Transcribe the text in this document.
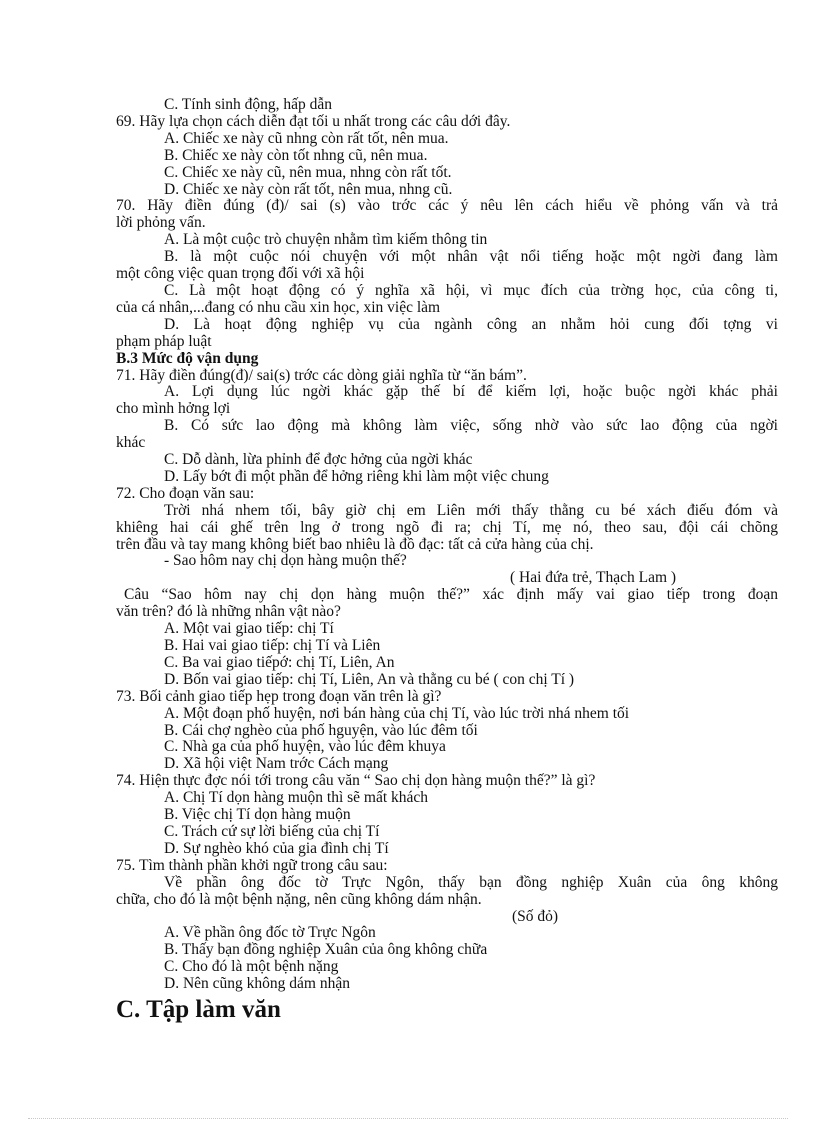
C. Tính sinh động, hấp dẫn
69. Hãy lựa chọn cách diễn đạt tối u nhất trong các câu dới đây.
A. Chiếc xe này cũ nhng còn rất tốt, nên mua.
B. Chiếc xe này còn tốt nhng cũ, nên mua.
C. Chiếc xe này cũ, nên mua, nhng còn rất tốt.
D. Chiếc xe này còn rất tốt, nên mua, nhng cũ.
70. Hãy điền đúng (đ)/ sai (s) vào trớc các ý nêu lên cách hiểu về phỏng vấn và trả
lời phỏng vấn.
A. Là một cuộc trò chuyện nhằm tìm kiếm thông tin
B. là một cuộc nói chuyện với một nhân vật nổi tiếng hoặc một ngời đang làm
một công việc quan trọng đối với xã hội
C. Là một hoạt động có ý nghĩa xã hội, vì mục đích của trờng học, của công ti,
của cá nhân,...đang có nhu cầu xin học, xin việc làm
D. Là hoạt động nghiệp vụ của ngành công an nhằm hỏi cung đối tợng vi
phạm pháp luật
B.3 Mức độ vận dụng
71. Hãy điền đúng(đ)/ sai(s) trớc các dòng giải nghĩa từ “ăn bám”.
A. Lợi dụng lúc ngời khác gặp thế bí để kiếm lợi, hoặc buộc ngời khác phải
cho mình hởng lợi
B. Có sức lao động mà không làm việc, sống nhờ vào sức lao động của ngời
khác
C. Dỗ dành, lừa phỉnh để đợc hởng của ngời khác
D. Lấy bớt đi một phần để hởng riêng khi làm một việc chung
72. Cho đoạn văn sau:
Trời nhá nhem tối, bây giờ chị em Liên mới thấy thằng cu bé xách điếu đóm và
khiêng hai cái ghế trên lng ở trong ngõ đi ra; chị Tí, mẹ nó, theo sau, đội cái chõng
trên đầu và tay mang không biết bao nhiêu là đồ đạc: tất cả cửa hàng của chị.
- Sao hôm nay chị dọn hàng muộn thế?
( Hai đứa trẻ, Thạch Lam )
Câu “Sao hôm nay chị dọn hàng muộn thế?” xác định mấy vai giao tiếp trong đoạn
văn trên? đó là những nhân vật nào?
A. Một vai giao tiếp: chị Tí
B. Hai vai giao tiếp: chị Tí và Liên
C. Ba vai giao tiếpớ: chị Tí, Liên, An
D. Bốn vai giao tiếp: chị Tí, Liên, An và thằng cu bé ( con chị Tí )
73. Bối cảnh giao tiếp hẹp trong đoạn văn trên là gì?
A. Một đoạn phố huyện, nơi bán hàng của chị Tí, vào lúc trời nhá nhem tối
B. Cái chợ nghèo của phố hguyện, vào lúc đêm tối
C. Nhà ga của phố huyện, vào lúc đêm khuya
D. Xã hội việt Nam trớc Cách mạng
74. Hiện thực đợc nói tới trong câu văn “ Sao chị dọn hàng muộn thế?” là gì?
A. Chị Tí dọn hàng muộn thì sẽ mất khách
B. Việc chị Tí dọn hàng muộn
C. Trách cứ sự lời biếng của chị Tí
D. Sự nghèo khó của gia đình chị Tí
75. Tìm thành phần khởi ngữ trong câu sau:
Về phần ông đốc tờ Trực Ngôn, thấy bạn đồng nghiệp Xuân của ông không
chữa, cho đó là một bệnh nặng, nên cũng không dám nhận.
(Số đỏ)
A. Về phần ông đốc tờ Trực Ngôn
B. Thấy bạn đồng nghiệp Xuân của ông không chữa
C. Cho đó là một bệnh nặng
D. Nên cũng không dám nhận
C. Tập làm văn
